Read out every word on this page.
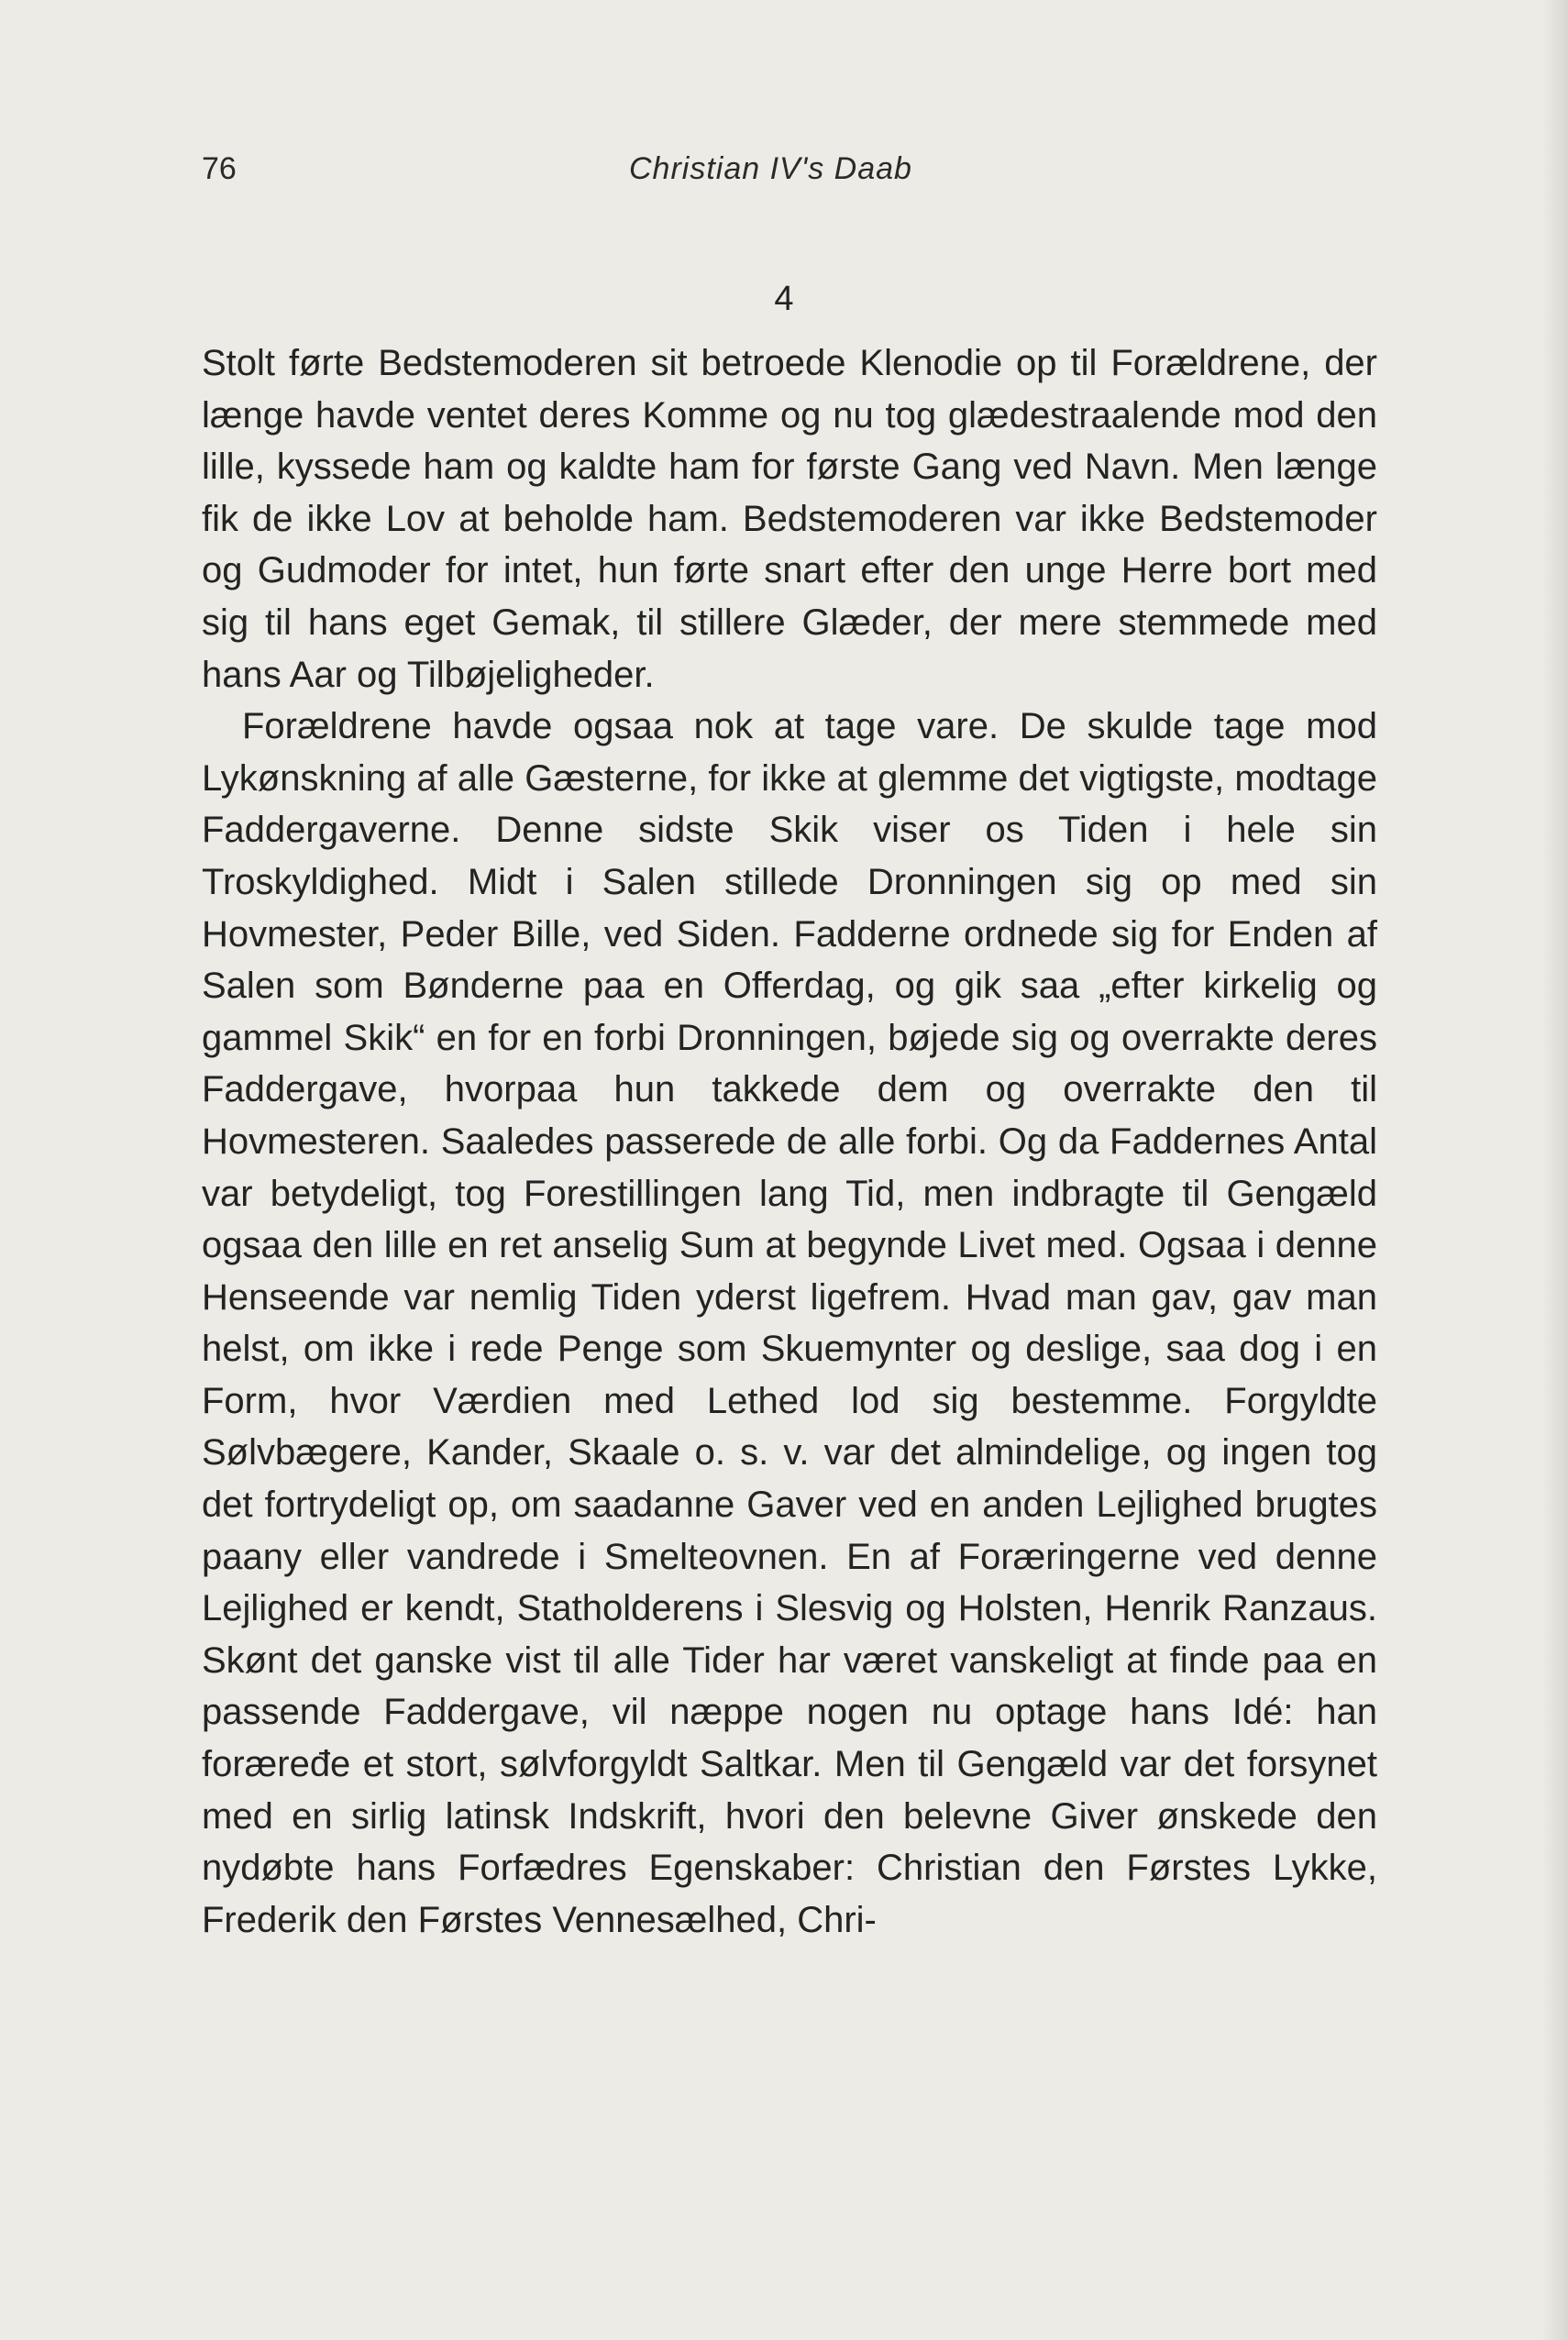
76	Christian IV's Daab
4

Stolt førte Bedstemoderen sit betroede Klenodie op til Forældrene, der længe havde ventet deres Komme og nu tog glædestraalende mod den lille, kyssede ham og kaldte ham for første Gang ved Navn. Men længe fik de ikke Lov at beholde ham. Bedstemoderen var ikke Bedstemoder og Gudmoder for intet, hun førte snart efter den unge Herre bort med sig til hans eget Gemak, til stillere Glæder, der mere stemmede med hans Aar og Tilbøjeligheder.

Forældrene havde ogsaa nok at tage vare. De skulde tage mod Lykønskning af alle Gæsterne, for ikke at glemme det vigtigste, modtage Faddergaverne. Denne sidste Skik viser os Tiden i hele sin Troskyldighed. Midt i Salen stillede Dronningen sig op med sin Hovmester, Peder Bille, ved Siden. Fadderne ordnede sig for Enden af Salen som Bønderne paa en Offerdag, og gik saa „efter kirkelig og gammel Skik“ en for en forbi Dronningen, bøjede sig og overrakte deres Faddergave, hvorpaa hun takkede dem og overrakte den til Hovmesteren. Saaledes passerede de alle forbi. Og da Faddernes Antal var betydeligt, tog Forestillingen lang Tid, men indbragte til Gengæld ogsaa den lille en ret anselig Sum at begynde Livet med. Ogsaa i denne Henseende var nemlig Tiden yderst ligefrem. Hvad man gav, gav man helst, om ikke i rede Penge som Skuemynter og deslige, saa dog i en Form, hvor Værdien med Lethed lod sig bestemme. Forgyldte Sølvbægere, Kander, Skaale o. s. v. var det almindelige, og ingen tog det fortrydeligt op, om saadanne Gaver ved en anden Lejlighed brugtes paany eller vandrede i Smelteovnen. En af Foræringerne ved denne Lejlighed er kendt, Statholderens i Slesvig og Holsten, Henrik Ranzaus. Skønt det ganske vist til alle Tider har været vanskeligt at finde paa en passende Faddergave, vil næppe nogen nu optage hans Idé: han foræređe et stort, sølvforgyldt Saltkar. Men til Gengæld var det forsynet med en sirlig latinsk Indskrift, hvori den belevne Giver ønskede den nydøbte hans Forfædres Egenskaber: Christian den Førstes Lykke, Frederik den Førstes Vennesælhed, Chri-
